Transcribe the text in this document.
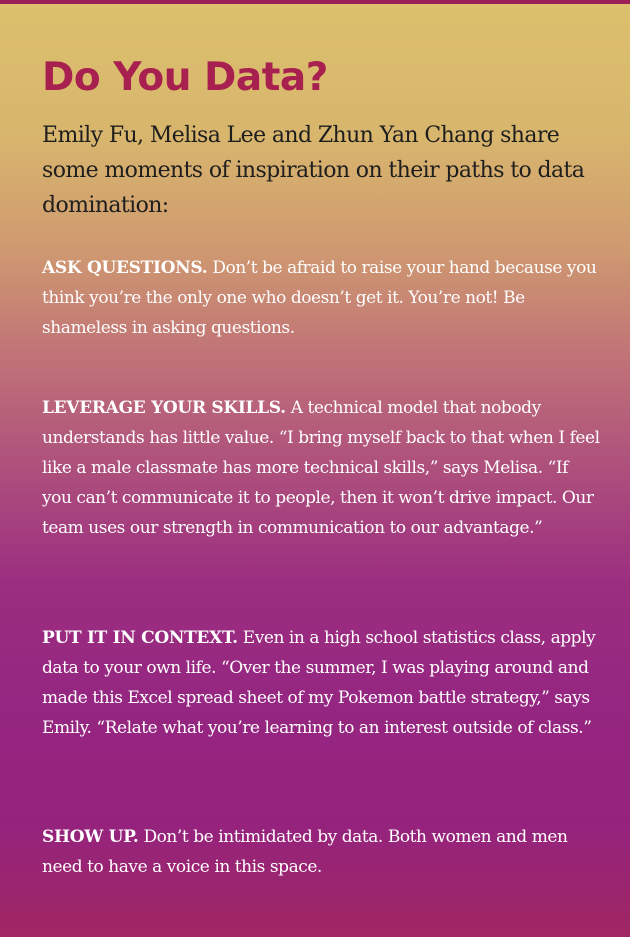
Do You Data?

Emily Fu, Melisa Lee and Zhun Yan Chang share some moments of inspiration on their paths to data domination:

ASK QUESTIONS. Don’t be afraid to raise your hand because you think you’re the only one who doesn’t get it. You’re not! Be shameless in asking questions.

LEVERAGE YOUR SKILLS. A technical model that nobody understands has little value. “I bring myself back to that when I feel like a male classmate has more technical skills,” says Melisa. “If you can’t communicate it to people, then it won’t drive impact. Our team uses our strength in communication to our advantage.”

PUT IT IN CONTEXT. Even in a high school statistics class, apply data to your own life. “Over the summer, I was playing around and made this Excel spread sheet of my Pokemon battle strategy,” says Emily. “Relate what you’re learning to an interest outside of class.”

SHOW UP. Don’t be intimidated by data. Both women and men need to have a voice in this space.
